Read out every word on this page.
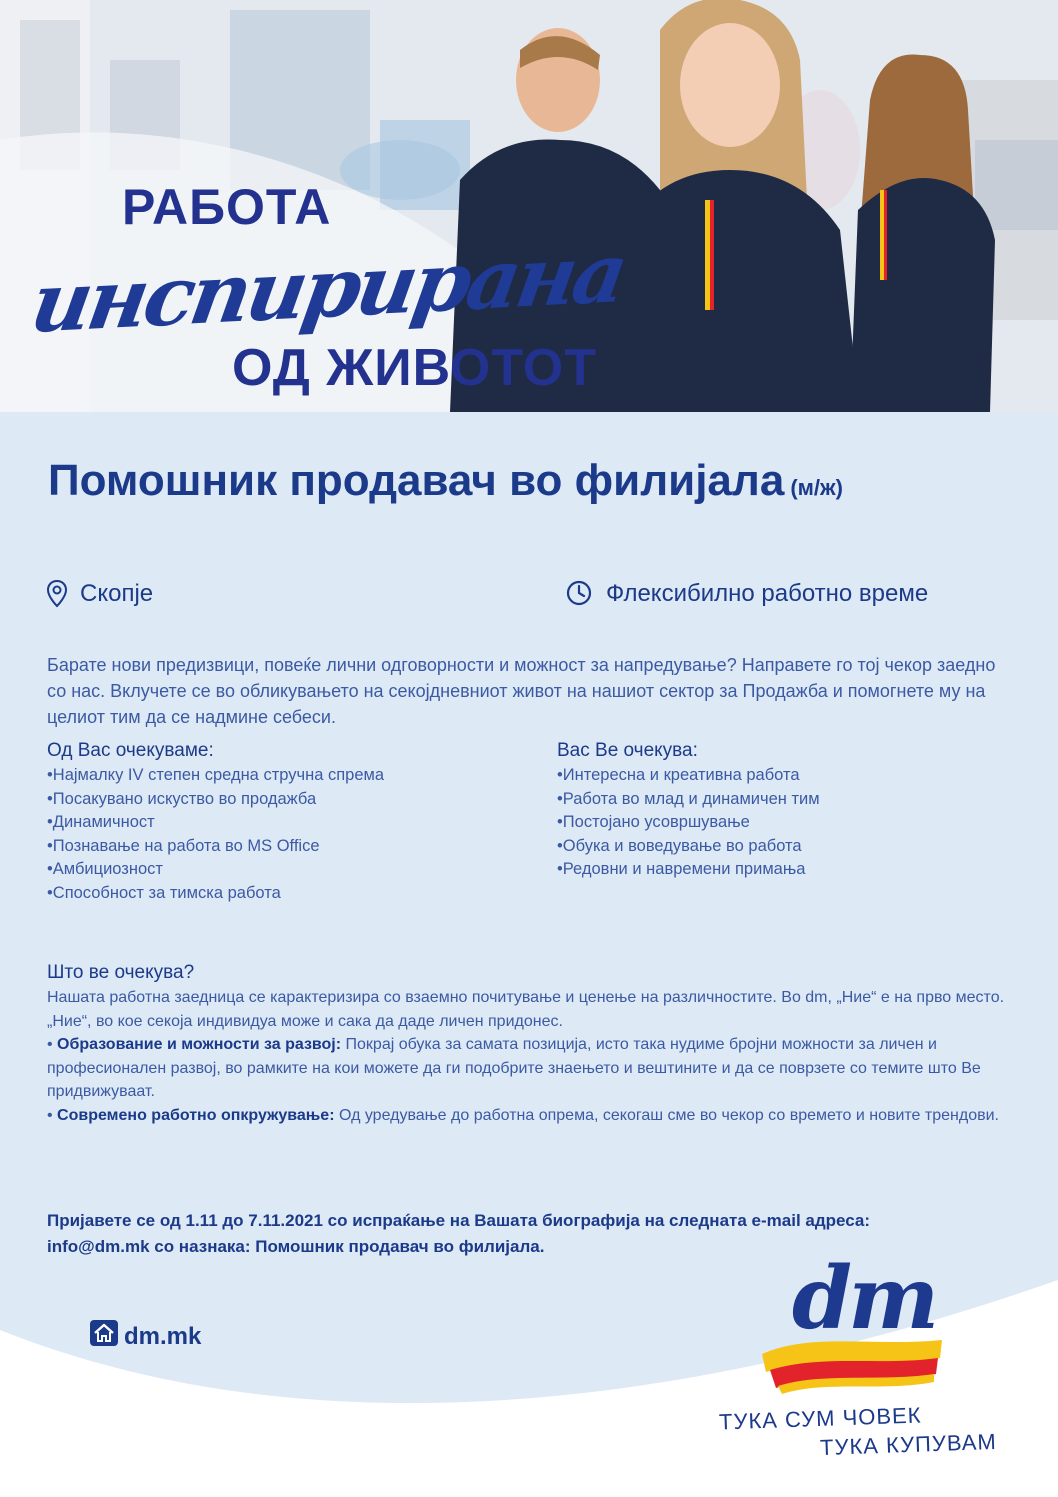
РАБОТА
инспирирана
ОД ЖИВОТОТ
Помошник продавач во филијала (м/ж)
Скопје	Флексибилно работно време

Барате нови предизвици, повеќе лични одговорности и можност за напредување? Направете го тој чекор заедно со нас. Вклучете се во обликувањето на секојдневниот живот на нашиот сектор за Продажба и помогнете му на целиот тим да се надмине себеси.

Од Вас очекуваме:
• Најмалку IV степен средна стручна спрема
• Посакувано искуство во продажба
• Динамичност
• Познавање на работа во MS Office
• Амбициозност
• Способност за тимска работа
Вас Ве очекува:
• Интересна и креативна работа
• Работа во млад и динамичен тим
• Постојано усовршување
• Обука и воведување во работа
• Редовни и навремени примања
Што ве очекува?

Нашата работна заедница се карактеризира со взаемно почитување и ценење на различностите. Во dm, „Ние“ е на прво место. „Ние“, во кое секоја индивидуа може и сака да даде личен придонес.

• Образование и можности за развој: Покрај обука за самата позиција, исто така нудиме бројни можности за личен и професионален развој, во рамките на кои можете да ги подобрите знаењето и вештините и да се поврзете со темите што Ве придвижуваат.

• Современо работно опкружување: Од уредување до работна опрема, секогаш сме во чекор со времето и новите трендови.

Пријавете се од 1.11 до 7.11.2021 со испраќање на Вашата биографија на следната e-mail адреса:
info@dm.mk со назнака: Помошник продавач во филијала.
dm.mk	dm
ТУКА СУМ ЧОВЕК
ТУКА КУПУВАМ
